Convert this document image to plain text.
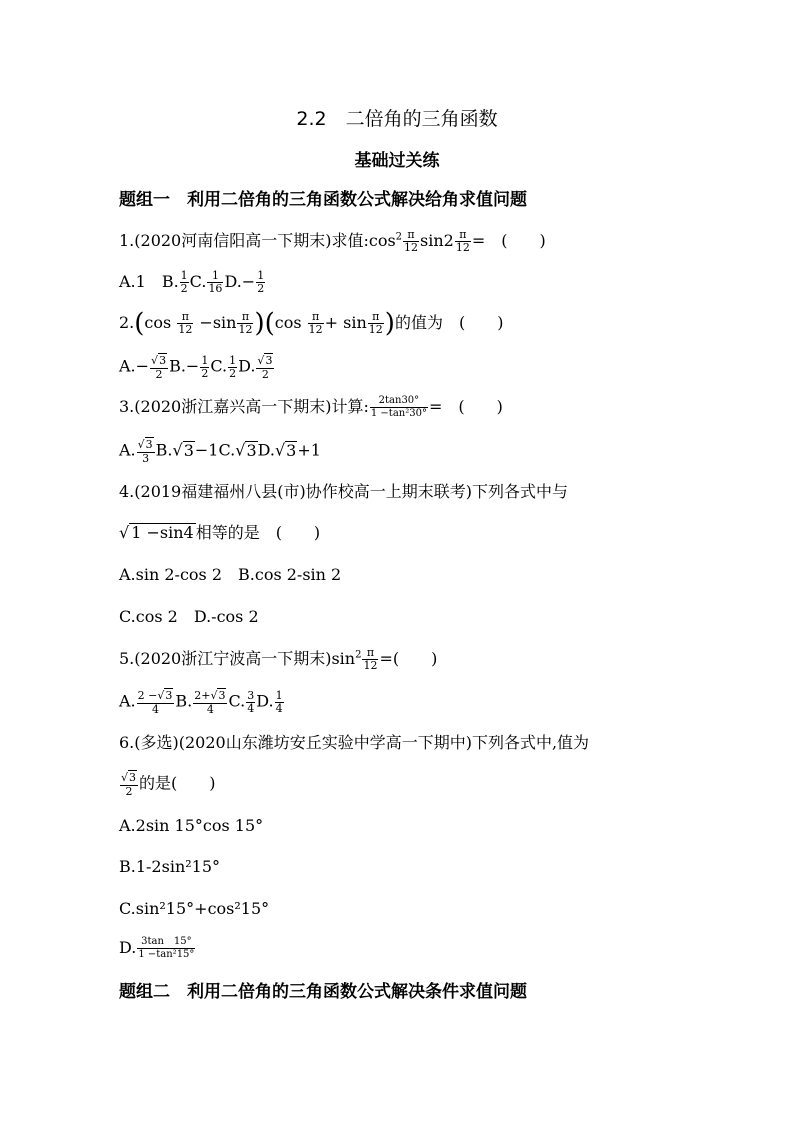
2.2　二倍角的三角函数
基础过关练
题组一　利用二倍角的三角函数公式解决给角求值问题
1.(2020河南信阳高一下期末)求值$:\cos^2 \frac{\pi}{12} \sin 2 \frac{\pi}{12}$ =　(　　)
A.1　B. $\frac{1}{2} C$. $\frac{1}{16} D.- \frac{1}{2}$
$2.(\cos \frac{\pi}{12} -\sin \frac{\pi}{12} )(\cos \frac{\pi}{12} + \sin \frac{\pi}{12}$ )的值为　(　　)
$A.- \frac{√3}{2} B.- \frac{1}{2} C$. $\frac{1}{2} D$. $\frac{√3}{2}$
3.(2020浙江嘉兴高一下期末)计算: $\frac{2\tan 30^\circ}{\text{1 −tan²30°}}$ =　(　　)
A. $\frac{√3}{3} B.√3-1C.√3D.√3+1$
4.(2019福建福州八县(市)协作校高一上期末联考)下列各式中与
√ 1 −sin4 相等的是　(　　)
A.sin 2-cos 2　B.cos 2-sin 2
C.cos 2　D.-cos 2
5.(2020浙江宁波高一下期末)$\sin^2 \frac{\pi}{12}$ =(　　)
A. $\frac{2 -√3}{4} B$. $\frac{2+√3}{4} C$. $\frac{3}{4} D$. $\frac{1}{4}$
6.(多选)(2020山东潍坊安丘实验中学高一下期中)下列各式中,值为
$\frac{√3}{2}$ 的是(　　)
A.2sin 15°cos 15°
B.1-2sin²15°
C.sin²15°+cos²15°
D. $\frac{3\tan 15^\circ}{\text{1 −tan²15°}}$
题组二　利用二倍角的三角函数公式解决条件求值问题
